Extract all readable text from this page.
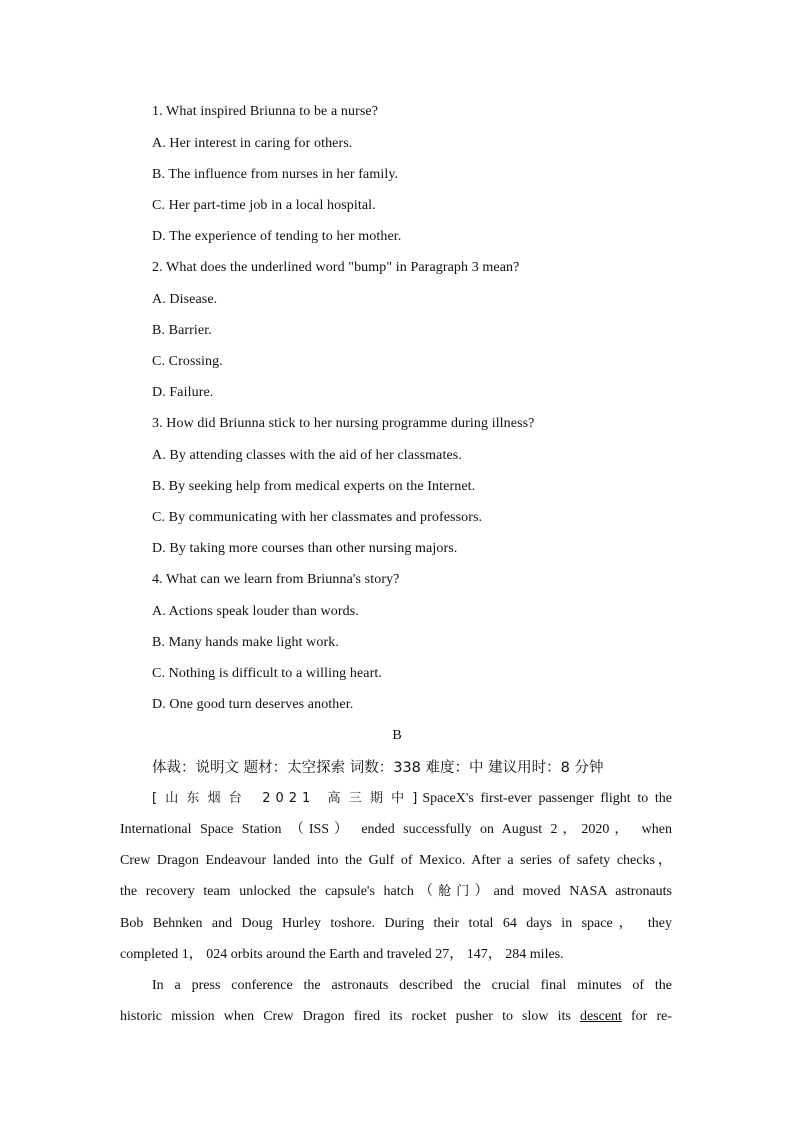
1. What inspired Briunna to be a nurse?
A. Her interest in caring for others.
B. The influence from nurses in her family.
C. Her part-time job in a local hospital.
D. The experience of tending to her mother.
2. What does the underlined word "bump" in Paragraph 3 mean?
A. Disease.
B. Barrier.
C. Crossing.
D. Failure.
3. How did Briunna stick to her nursing programme during illness?
A. By attending classes with the aid of her classmates.
B. By seeking help from medical experts on the Internet.
C. By communicating with her classmates and professors.
D. By taking more courses than other nursing majors.
4. What can we learn from Briunna's story?
A. Actions speak louder than words.
B. Many hands make light work.
C. Nothing is difficult to a willing heart.
D. One good turn deserves another.
B
体裁：说明文 题材：太空探索 词数：338 难度：中 建议用时：8 分钟
[山东烟台 2021 高三期中]SpaceX's first-ever passenger flight to the
International Space Station （ISS） ended successfully on August 2，2020， when
Crew Dragon Endeavour landed into the Gulf of Mexico. After a series of safety checks，
the recovery team unlocked the capsule's hatch（舱门）and moved NASA astronauts
Bob Behnken and Doug Hurley toshore. During their total 64 days in space， they
completed 1， 024 orbits around the Earth and traveled 27， 147， 284 miles.
In a press conference the astronauts described the crucial final minutes of the
historic mission when Crew Dragon fired its rocket pusher to slow its descent for re-
